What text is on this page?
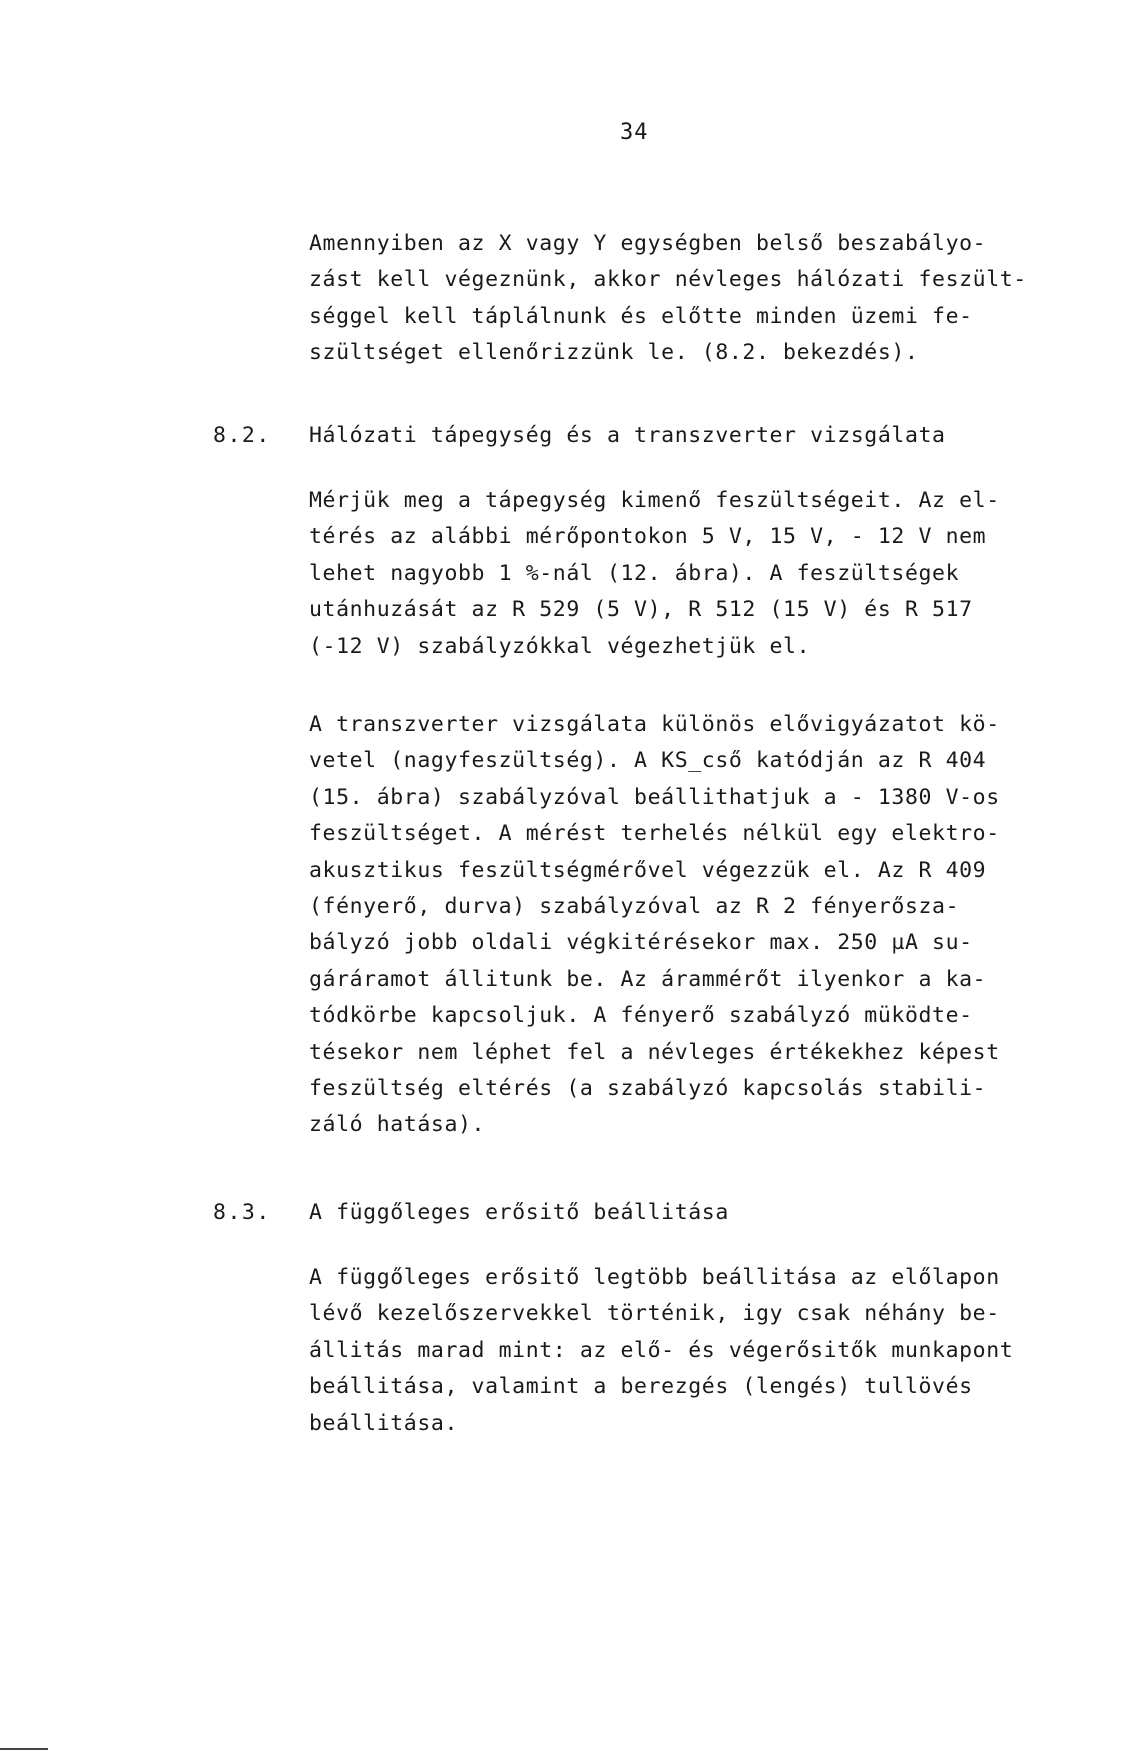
34

Amennyiben az X vagy Y egységben belső beszabályo-
zást kell végeznünk, akkor névleges hálózati feszült-
séggel kell táplálnunk és előtte minden üzemi fe-
szültséget ellenőrizzünk le. (8.2. bekezdés).

8.2. Hálózati tápegység és a transzverter vizsgálata

Mérjük meg a tápegység kimenő feszültségeit. Az el-
térés az alábbi mérőpontokon 5 V, 15 V, - 12 V nem
lehet nagyobb 1 %-nál (12. ábra). A feszültségek
utánhuzását az R 529 (5 V), R 512 (15 V) és R 517
(-12 V) szabályzókkal végezhetjük el.

A transzverter vizsgálata különös elővigyázatot kö-
vetel (nagyfeszültség). A KS_cső katódján az R 404
(15. ábra) szabályzóval beállithatjuk a - 1380 V-os
feszültséget. A mérést terhelés nélkül egy elektro-
akusztikus feszültségmérővel végezzük el. Az R 409
(fényerő, durva) szabályzóval az R 2 fényerősza-
bályzó jobb oldali végkitérésekor max. 250 µA su-
gáráramot állitunk be. Az árammérőt ilyenkor a ka-
tódkörbe kapcsoljuk. A fényerő szabályzó müködte-
tésekor nem léphet fel a névleges értékekhez képest
feszültség eltérés (a szabályzó kapcsolás stabili-
záló hatása).

8.3. A függőleges erősitő beállitása

A függőleges erősitő legtöbb beállitása az előlapon
lévő kezelőszervekkel történik, igy csak néhány be-
állitás marad mint: az elő- és végerősitők munkapont
beállitása, valamint a berezgés (lengés) tullövés
beállitása.
